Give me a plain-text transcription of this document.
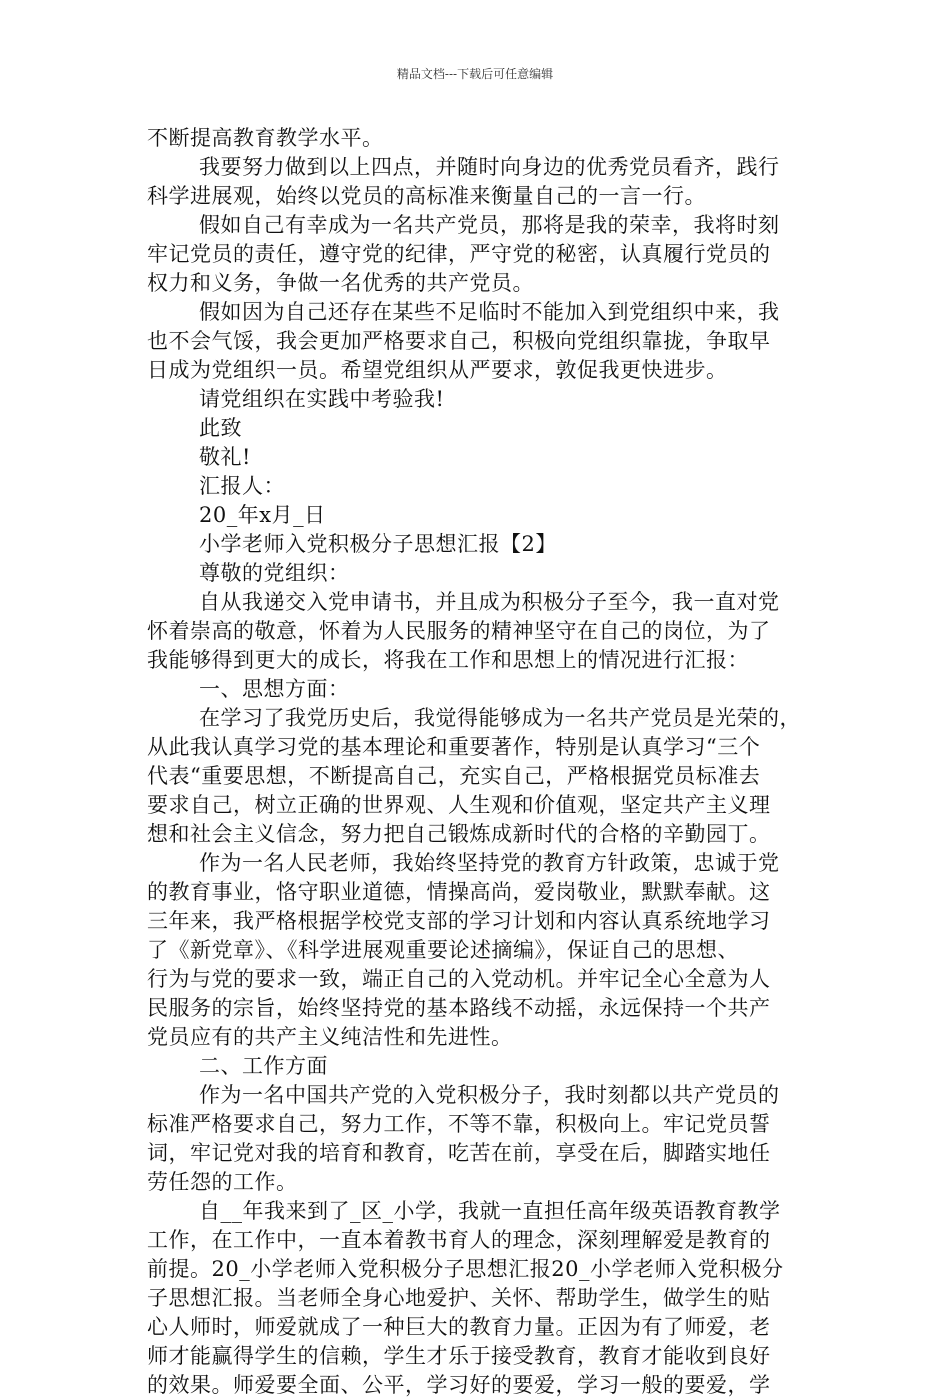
精品文档---下载后可任意编辑
不断提高教育教学水平。
我要努力做到以上四点，并随时向身边的优秀党员看齐，践行
科学进展观，始终以党员的高标准来衡量自己的一言一行。
假如自己有幸成为一名共产党员，那将是我的荣幸，我将时刻
牢记党员的责任，遵守党的纪律，严守党的秘密，认真履行党员的
权力和义务，争做一名优秀的共产党员。
假如因为自己还存在某些不足临时不能加入到党组织中来，我
也不会气馁，我会更加严格要求自己，积极向党组织靠拢，争取早
日成为党组织一员。希望党组织从严要求，敦促我更快进步。
请党组织在实践中考验我!
此致
敬礼!
汇报人：
20_年x月_日
小学老师入党积极分子思想汇报【2】
尊敬的党组织：
自从我递交入党申请书，并且成为积极分子至今，我一直对党
怀着崇高的敬意，怀着为人民服务的精神坚守在自己的岗位，为了
我能够得到更大的成长，将我在工作和思想上的情况进行汇报：
一、思想方面：
在学习了我党历史后，我觉得能够成为一名共产党员是光荣的，
从此我认真学习党的基本理论和重要著作，特别是认真学习“三个
代表“重要思想，不断提高自己，充实自己，严格根据党员标准去
要求自己，树立正确的世界观、人生观和价值观，坚定共产主义理
想和社会主义信念，努力把自己锻炼成新时代的合格的辛勤园丁。
作为一名人民老师，我始终坚持党的教育方针政策，忠诚于党
的教育事业，恪守职业道德，情操高尚，爱岗敬业，默默奉献。这
三年来，我严格根据学校党支部的学习计划和内容认真系统地学习
了《新党章》、《科学进展观重要论述摘编》，保证自己的思想、
行为与党的要求一致，端正自己的入党动机。并牢记全心全意为人
民服务的宗旨，始终坚持党的基本路线不动摇，永远保持一个共产
党员应有的共产主义纯洁性和先进性。
二、工作方面
作为一名中国共产党的入党积极分子，我时刻都以共产党员的
标准严格要求自己，努力工作，不等不靠，积极向上。牢记党员誓
词，牢记党对我的培育和教育，吃苦在前，享受在后，脚踏实地任
劳任怨的工作。
自__年我来到了_区_小学，我就一直担任高年级英语教育教学
工作，在工作中，一直本着教书育人的理念，深刻理解爱是教育的
前提。20_小学老师入党积极分子思想汇报20_小学老师入党积极分
子思想汇报。当老师全身心地爱护、关怀、帮助学生，做学生的贴
心人师时，师爱就成了一种巨大的教育力量。正因为有了师爱，老
师才能赢得学生的信赖，学生才乐于接受教育，教育才能收到良好
的效果。师爱要全面、公平，学习好的要爱，学习一般的要爱，学
